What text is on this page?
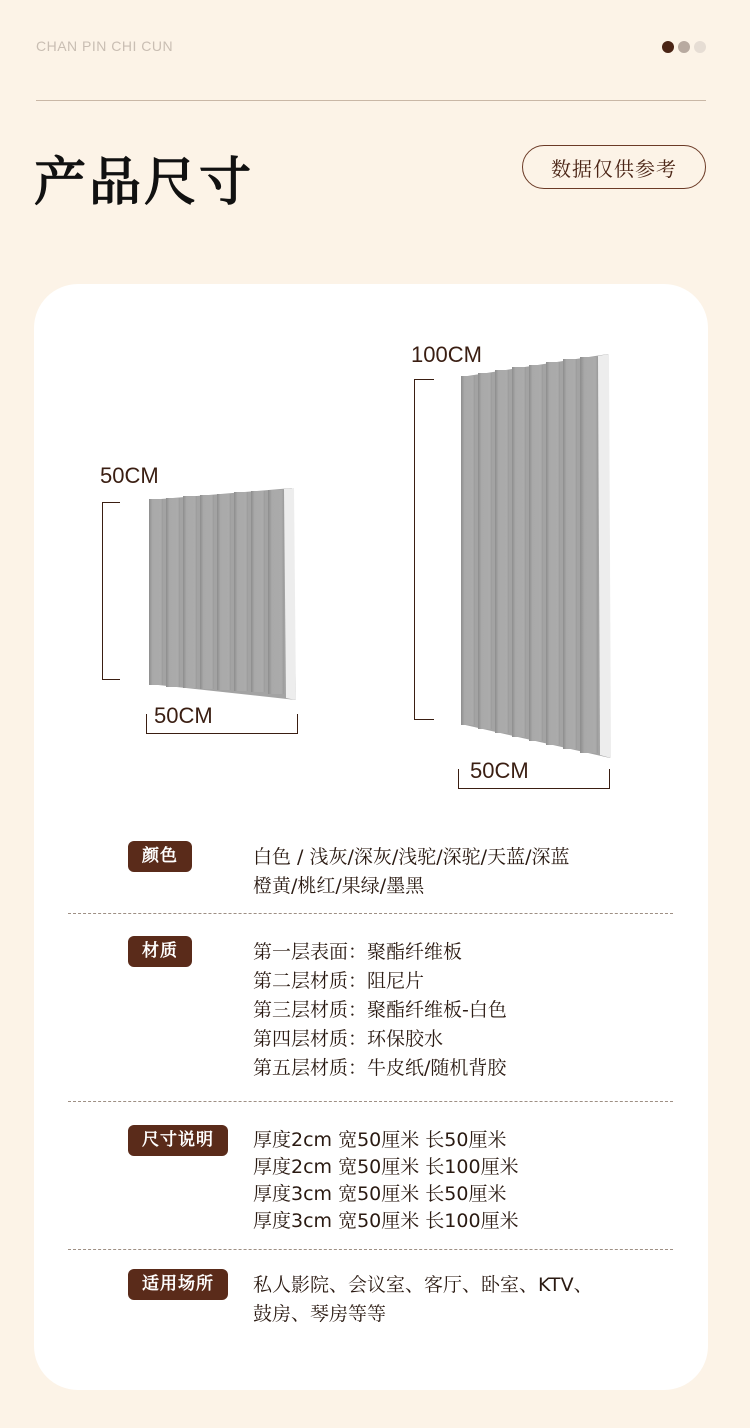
CHAN PIN CHI CUN
产品尺寸	数据仅供参考
50CM
50CM
100CM
50CM
颜色	白色 / 浅灰/深灰/浅驼/深驼/天蓝/深蓝
橙黄/桃红/果绿/墨黑
材质	第一层表面：聚酯纤维板
第二层材质：阻尼片
第三层材质：聚酯纤维板-白色
第四层材质：环保胶水
第五层材质：牛皮纸/随机背胶
尺寸说明	厚度2cm 宽50厘米 长50厘米
厚度2cm 宽50厘米 长100厘米
厚度3cm 宽50厘米 长50厘米
厚度3cm 宽50厘米 长100厘米
适用场所	私人影院、会议室、客厅、卧室、KTV、
鼓房、琴房等等
